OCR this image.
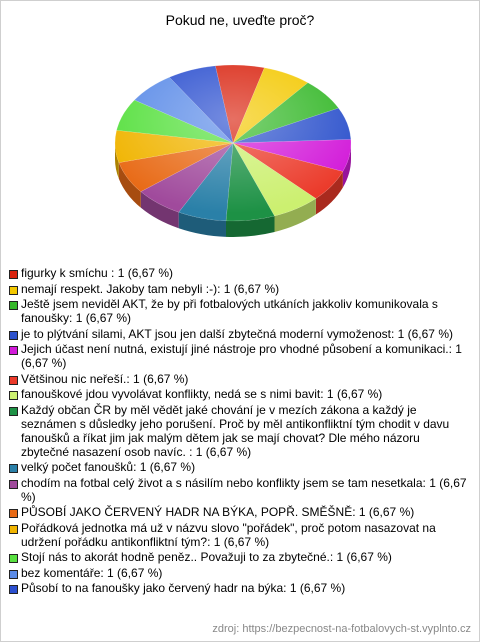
Pokud ne, uveďte proč?
figurky k smíchu : 1 (6,67 %)
nemají respekt. Jakoby tam nebyli :-): 1 (6,67 %)
Ještě jsem neviděl AKT, že by při fotbalových utkáních jakkoliv komunikovala s fanoušky: 1 (6,67 %)
je to plýtvání silami, AKT jsou jen další zbytečná moderní vymoženost: 1 (6,67 %)
Jejich účast není nutná, existují jiné nástroje pro vhodné působení a komunikaci.: 1 (6,67 %)
Většinou nic neřeší.: 1 (6,67 %)
fanouškové jdou vyvolávat konflikty, nedá se s nimi bavit: 1 (6,67 %)
Každý občan ČR by měl vědět jaké chování je v mezích zákona a každý je seznámen s důsledky jeho porušení. Proč by měl antikonfliktní tým chodit v davu fanoušků a říkat jim jak malým dětem jak se mají chovat? Dle mého názoru zbytečné nasazení osob navíc. : 1 (6,67 %)
velký počet fanoušků: 1 (6,67 %)
chodím na fotbal celý život a s násilím nebo konflikty jsem se tam nesetkala: 1 (6,67 %)
PŮSOBÍ JAKO ČERVENÝ HADR NA BÝKA, POPŘ. SMĚŠNĚ: 1 (6,67 %)
Pořádková jednotka má už v názvu slovo "pořádek", proč potom nasazovat na udržení pořádku antikonfliktní tým?: 1 (6,67 %)
Stojí nás to akorát hodně peněz.. Považuji to za zbytečné.: 1 (6,67 %)
bez komentáře: 1 (6,67 %)
Působí to na fanoušky jako červený hadr na býka: 1 (6,67 %)
zdroj: https://bezpecnost-na-fotbalovych-st.vyplnto.cz
